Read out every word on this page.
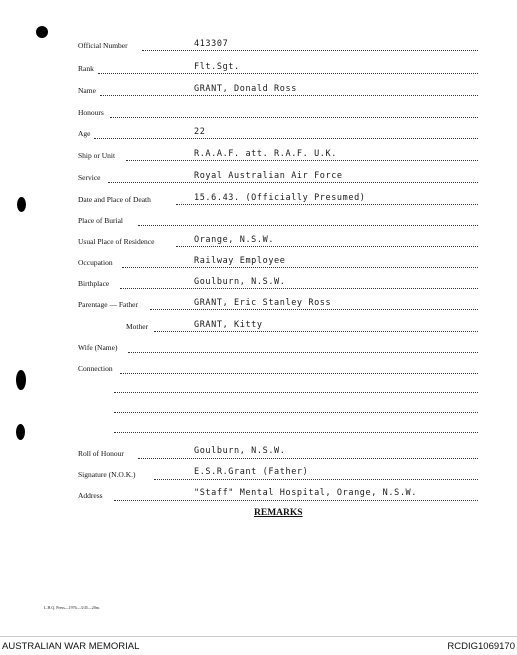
Official Number	413307
Rank	Flt.Sgt.
Name	GRANT, Donald Ross
Honours
Age	22
Ship or Unit	R.A.A.F. att. R.A.F. U.K.
Service	Royal Australian Air Force
Date and Place of Death	15.6.43. (Officially Presumed)
Place of Burial
Usual Place of Residence	Orange, N.S.W.
Occupation	Railway Employee
Birthplace	Goulburn, N.S.W.
Parentage — Father	GRANT, Eric Stanley Ross
Mother	GRANT, Kitty
Wife (Name)
Connection
Roll of Honour	Goulburn, N.S.W.
Signature (N.O.K.)	E.S.R.Grant (Father)
Address	"Staff" Mental Hospital, Orange, N.S.W.
REMARKS
L.H.Q. Press—1976—3/45—20m.
AUSTRALIAN WAR MEMORIAL	RCDIG1069170
